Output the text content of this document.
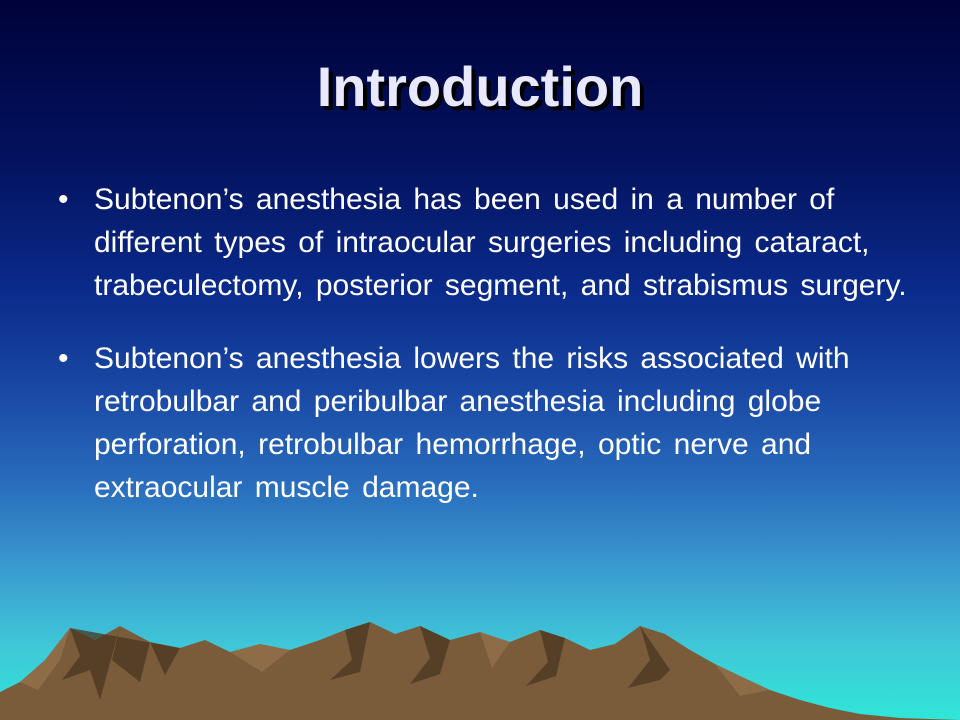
Introduction
• Subtenon’s anesthesia has been used in a number of different types of intraocular surgeries including cataract, trabeculectomy, posterior segment, and strabismus surgery.
• Subtenon’s anesthesia lowers the risks associated with retrobulbar and peribulbar anesthesia including globe perforation, retrobulbar hemorrhage, optic nerve and extraocular muscle damage.
